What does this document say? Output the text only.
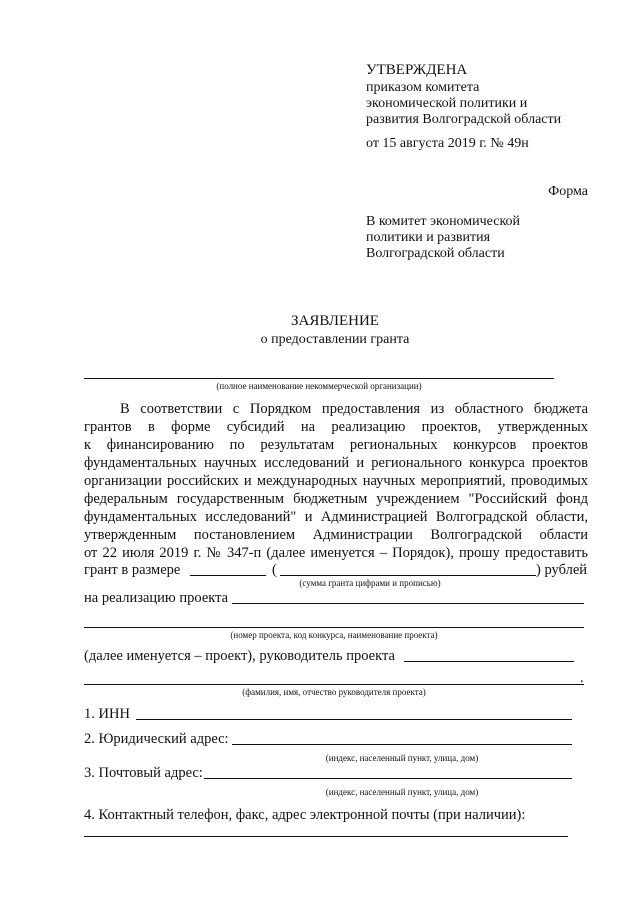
УТВЕРЖДЕНА
приказом комитета
экономической политики и
развития Волгоградской области
от 15 августа 2019 г. № 49н
Форма
В комитет экономической
политики и развития
Волгоградской области
ЗАЯВЛЕНИЕ
о предоставлении гранта
(полное наименование некоммерческой организации)
В соответствии с Порядком предоставления из областного бюджета
грантов в форме субсидий на реализацию проектов, утвержденных
к финансированию по результатам региональных конкурсов проектов
фундаментальных научных исследований и регионального конкурса проектов
организации российских и международных научных мероприятий, проводимых
федеральным государственным бюджетным учреждением "Российский фонд
фундаментальных исследований" и Администрацией Волгоградской области,
утвержденным постановлением Администрации Волгоградской области
от 22 июля 2019 г. № 347-п (далее именуется – Порядок), прошу предоставить
грант в размере	(	) рублей
(сумма гранта цифрами и прописью)
на реализацию проекта
(номер проекта, код конкурса, наименование проекта)
(далее именуется – проект), руководитель проекта
.
(фамилия, имя, отчество руководителя проекта)
1. ИНН
2. Юридический адрес:
(индекс, населенный пункт, улица, дом)
3. Почтовый адрес:
(индекс, населенный пункт, улица, дом)
4. Контактный телефон, факс, адрес электронной почты (при наличии):
